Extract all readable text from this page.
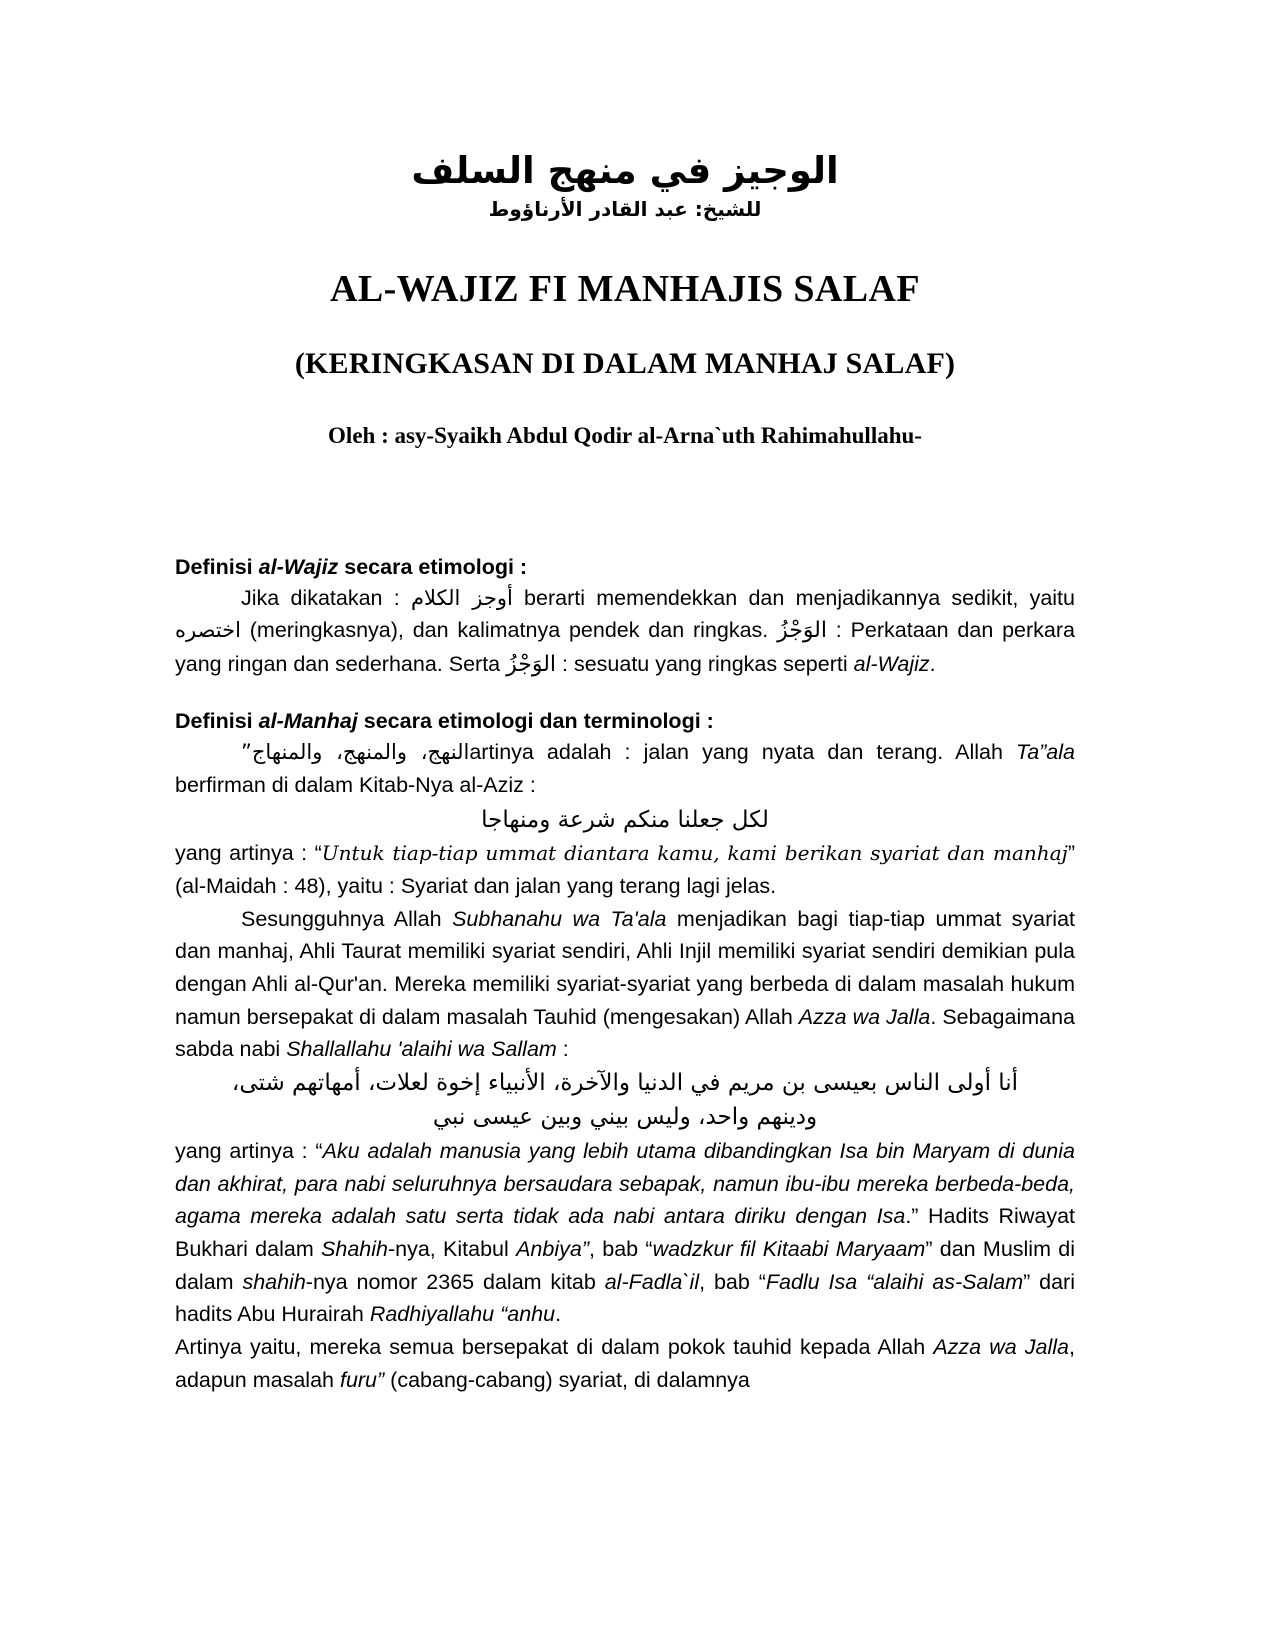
الوجيز في منهج السلف
للشيخ: عبد القادر الأرناؤوط
AL-WAJIZ FI MANHAJIS SALAF
(KERINGKASAN DI DALAM MANHAJ SALAF)
Oleh : asy-Syaikh Abdul Qodir al-Arna`uth Rahimahullahu-

Definisi al-Wajiz secara etimologi :

Jika dikatakan : أوجز الكلام berarti memendekkan dan menjadikannya sedikit, yaitu اختصره (meringkasnya), dan kalimatnya pendek dan ringkas. الوَجْزُ : Perkataan dan perkara yang ringan dan sederhana. Serta الوَجْزُ : sesuatu yang ringkas seperti al-Wajiz.

Definisi al-Manhaj secara etimologi dan terminologi :

النهج، والمنهج، والمنهاج”artinya adalah : jalan yang nyata dan terang. Allah Ta”ala berfirman di dalam Kitab-Nya al-Aziz :

لكل جعلنا منكم شرعة ومنهاجا

yang artinya : “Untuk tiap-tiap ummat diantara kamu, kami berikan syariat dan manhaj” (al-Maidah : 48), yaitu : Syariat dan jalan yang terang lagi jelas.

Sesungguhnya Allah Subhanahu wa Ta'ala menjadikan bagi tiap-tiap ummat syariat dan manhaj, Ahli Taurat memiliki syariat sendiri, Ahli Injil memiliki syariat sendiri demikian pula dengan Ahli al-Qur'an. Mereka memiliki syariat-syariat yang berbeda di dalam masalah hukum namun bersepakat di dalam masalah Tauhid (mengesakan) Allah Azza wa Jalla. Sebagaimana sabda nabi Shallallahu 'alaihi wa Sallam :

أنا أولى الناس بعيسى بن مريم في الدنيا والآخرة، الأنبياء إخوة لعلات، أمهاتهم شتى،

ودينهم واحد، وليس بيني وبين عيسى نبي

yang artinya : “Aku adalah manusia yang lebih utama dibandingkan Isa bin Maryam di dunia dan akhirat, para nabi seluruhnya bersaudara sebapak, namun ibu-ibu mereka berbeda-beda, agama mereka adalah satu serta tidak ada nabi antara diriku dengan Isa.” Hadits Riwayat Bukhari dalam Shahih-nya, Kitabul Anbiya”, bab “wadzkur fil Kitaabi Maryaam” dan Muslim di dalam shahih-nya nomor 2365 dalam kitab al-Fadla`il, bab “Fadlu Isa “alaihi as-Salam” dari hadits Abu Hurairah Radhiyallahu “anhu.

Artinya yaitu, mereka semua bersepakat di dalam pokok tauhid kepada Allah Azza wa Jalla, adapun masalah furu” (cabang-cabang) syariat, di dalamnya
